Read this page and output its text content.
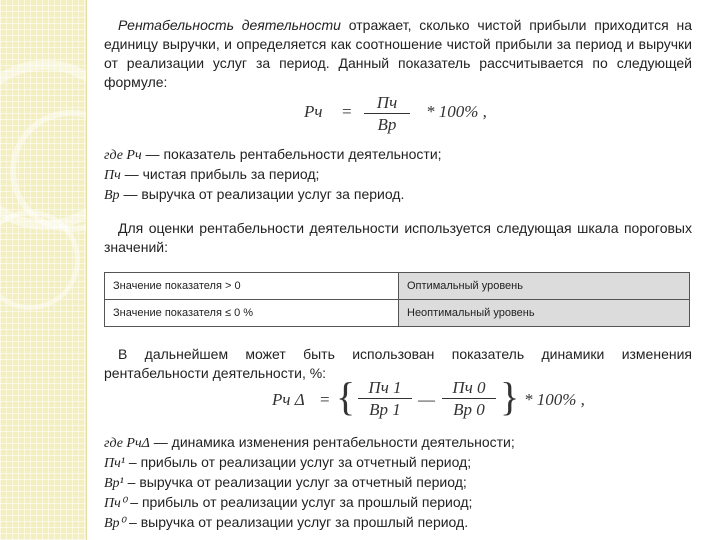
Рентабельность деятельности отражает, сколько чистой прибыли приходится на единицу выручки, и определяется как соотношение чистой прибыли за период и выручки от реализации услуг за период. Данный показатель рассчитывается по следующей формуле:
Рч =	Пч
Вр
* 100% ,
где Рч — показатель рентабельности деятельности;
Пч — чистая прибыль за период;
Вр — выручка от реализации услуг за период.
Для оценки рентабельности деятельности используется следующая шкала пороговых значений:
Значение показателя > 0	Оптимальный уровень
Значение показателя ≤ 0 %	Неоптимальный уровень
В дальнейшем может быть использован показатель динамики изменения рентабельности деятельности, %:
Рч Δ = { Пч 1
Вр 1
—
Пч 0
Вр 0 } * 100% ,
где РчΔ — динамика изменения рентабельности деятельности;
Пч¹ – прибыль от реализации услуг за отчетный период;
Вр¹ – выручка от реализации услуг за отчетный период;
Пч⁰ – прибыль от реализации услуг за прошлый период;
Вр⁰ – выручка от реализации услуг за прошлый период.
